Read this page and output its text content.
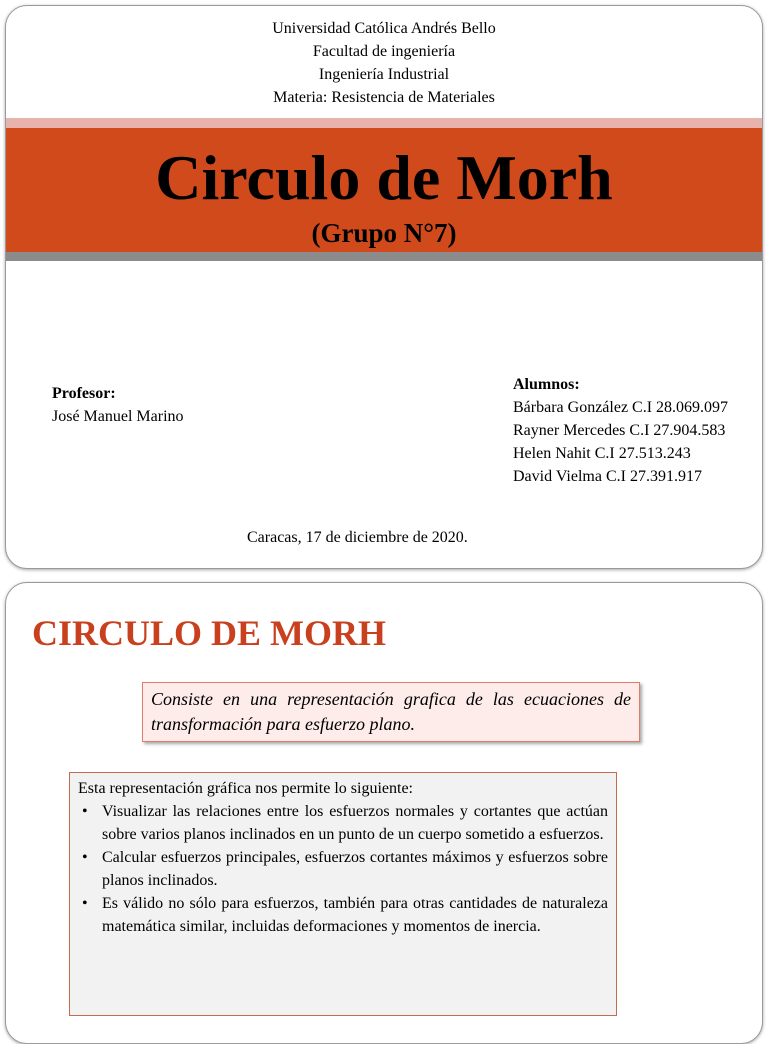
Universidad Católica Andrés Bello
Facultad de ingeniería
Ingeniería Industrial
Materia: Resistencia de Materiales
Circulo de Morh
(Grupo N°7)
Profesor:
José Manuel Marino
Alumnos:
Bárbara González C.I 28.069.097
Rayner Mercedes C.I 27.904.583
Helen Nahit C.I 27.513.243
David Vielma C.I 27.391.917
Caracas, 17 de diciembre de 2020.
CIRCULO DE MORH
Consiste en una representación grafica de las ecuaciones de transformación para esfuerzo plano.
Esta representación gráfica nos permite lo siguiente:
• Visualizar las relaciones entre los esfuerzos normales y cortantes que actúan sobre varios planos inclinados en un punto de un cuerpo sometido a esfuerzos.
• Calcular esfuerzos principales, esfuerzos cortantes máximos y esfuerzos sobre planos inclinados.
• Es válido no sólo para esfuerzos, también para otras cantidades de naturaleza matemática similar, incluidas deformaciones y momentos de inercia.
